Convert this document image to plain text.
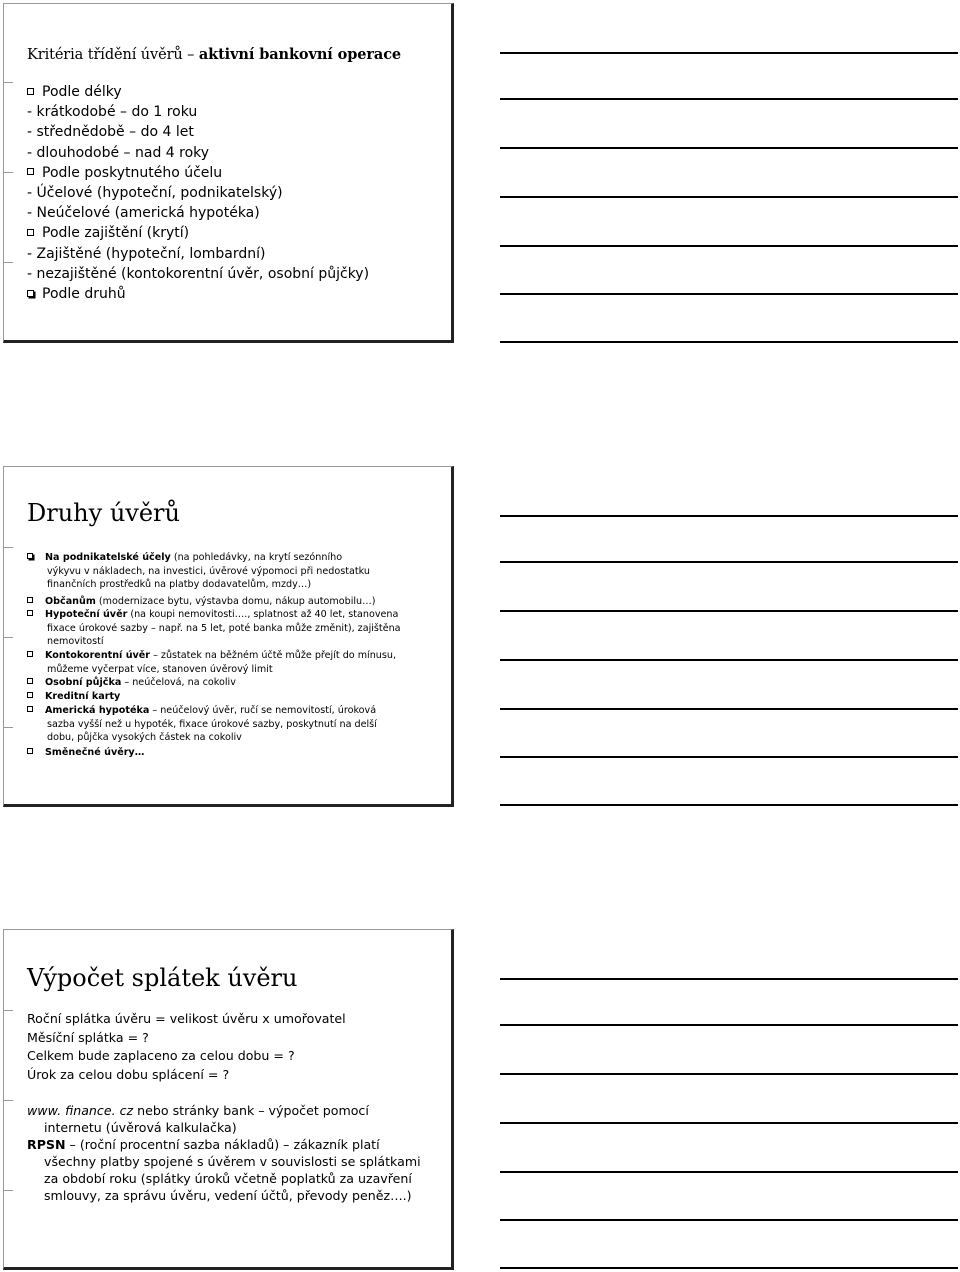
Kritéria třídění úvěrů – aktivní bankovní operace
Podle délky
- krátkodobé – do 1 roku
- střednědobě – do 4 let
- dlouhodobé – nad 4 roky
Podle poskytnutého účelu
- Účelové (hypoteční, podnikatelský)
- Neúčelové (americká hypotéka)
Podle zajištění (krytí)
- Zajištěné (hypoteční, lombardní)
- nezajištěné (kontokorentní úvěr, osobní půjčky)
Podle druhů
Druhy úvěrů
Na podnikatelské účely (na pohledávky, na krytí sezónního
výkyvu v nákladech, na investici, úvěrové výpomoci při nedostatku
finančních prostředků na platby dodavatelům, mzdy…)
Občanům (modernizace bytu, výstavba domu, nákup automobilu…)
Hypoteční úvěr (na koupi nemovitosti…., splatnost až 40 let, stanovena
fixace úrokové sazby – např. na 5 let, poté banka může změnit), zajištěna
nemovitostí
Kontokorentní úvěr – zůstatek na běžném účtě může přejít do mínusu,
můžeme vyčerpat více, stanoven úvěrový limit
Osobní půjčka – neúčelová, na cokoliv
Kreditní karty
Americká hypotéka – neúčelový úvěr, ručí se nemovitostí, úroková
sazba vyšší než u hypoték, fixace úrokové sazby, poskytnutí na delší
dobu, půjčka vysokých částek na cokoliv
Směnečné úvěry…
Výpočet splátek úvěru
Roční splátka úvěru = velikost úvěru x umořovatel
Měsíční splátka = ?
Celkem bude zaplaceno za celou dobu = ?
Úrok za celou dobu splácení = ?
www. finance. cz nebo stránky bank – výpočet pomocí
internetu (úvěrová kalkulačka)
RPSN – (roční procentní sazba nákladů) – zákazník platí
všechny platby spojené s úvěrem v souvislosti se splátkami
za období roku (splátky úroků včetně poplatků za uzavření
smlouvy, za správu úvěru, vedení účtů, převody peněz….)
